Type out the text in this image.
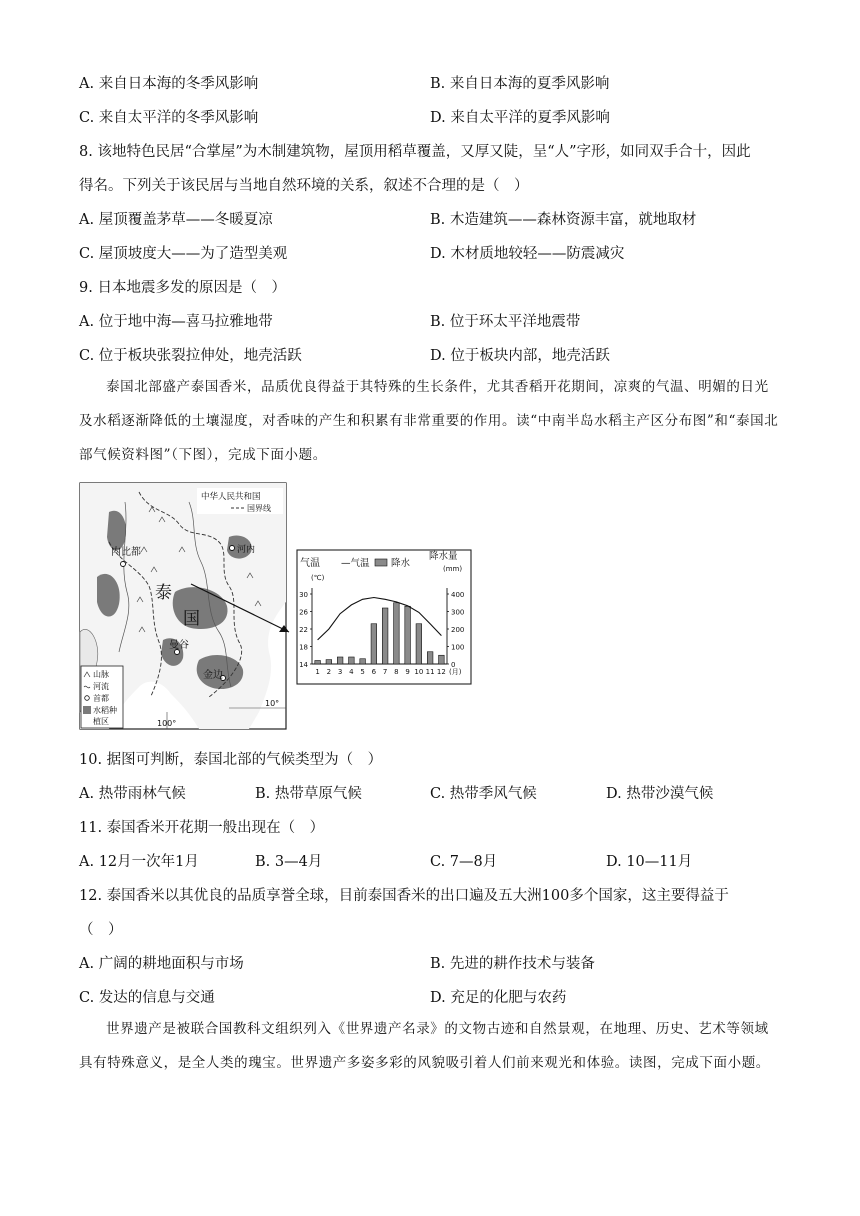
A. 来自日本海的冬季风影响	B. 来自日本海的夏季风影响
C. 来自太平洋的冬季风影响	D. 来自太平洋的夏季风影响
8. 该地特色民居“合掌屋”为木制建筑物，屋顶用稻草覆盖，又厚又陡，呈“人”字形，如同双手合十，因此
得名。下列关于该民居与当地自然环境的关系，叙述不合理的是（　）
A. 屋顶覆盖茅草——冬暖夏凉	B. 木造建筑——森林资源丰富，就地取材
C. 屋顶坡度大——为了造型美观	D. 木材质地较轻——防震减灾
9. 日本地震多发的原因是（　）
A. 位于地中海—喜马拉雅地带	B. 位于环太平洋地震带
C. 位于板块张裂拉伸处，地壳活跃	D. 位于板块内部，地壳活跃
泰国北部盛产泰国香米，品质优良得益于其特殊的生长条件，尤其香稻开花期间，凉爽的气温、明媚的日光及水稻逐渐降低的土壤湿度，对香味的产生和积累有非常重要的作用。读“中南半岛水稻主产区分布图”和“泰国北部气候资料图”（下图），完成下面小题。
中华人民共和国
国界线
内比都	河内
泰
国
曼谷
金边
10°
100°
山脉
河流
首都
水稻种
植区
气温
(℃)
—气温 降水
降水量
(mm)
30
26
22
18
14
400
300
200
100
0
1 2 3 4 5 6 7 8 9 10 11 12 (月)
10. 据图可判断，泰国北部的气候类型为（　）
A. 热带雨林气候	B. 热带草原气候	C. 热带季风气候	D. 热带沙漠气候
11. 泰国香米开花期一般出现在（　）
A. 12月一次年1月	B. 3—4月	C. 7—8月	D. 10—11月
12. 泰国香米以其优良的品质享誉全球，目前泰国香米的出口遍及五大洲100多个国家，这主要得益于
（　）
A. 广阔的耕地面积与市场	B. 先进的耕作技术与装备
C. 发达的信息与交通	D. 充足的化肥与农药
世界遗产是被联合国教科文组织列入《世界遗产名录》的文物古迹和自然景观，在地理、历史、艺术等领域具有特殊意义，是全人类的瑰宝。世界遗产多姿多彩的风貌吸引着人们前来观光和体验。读图，完成下面小题。
